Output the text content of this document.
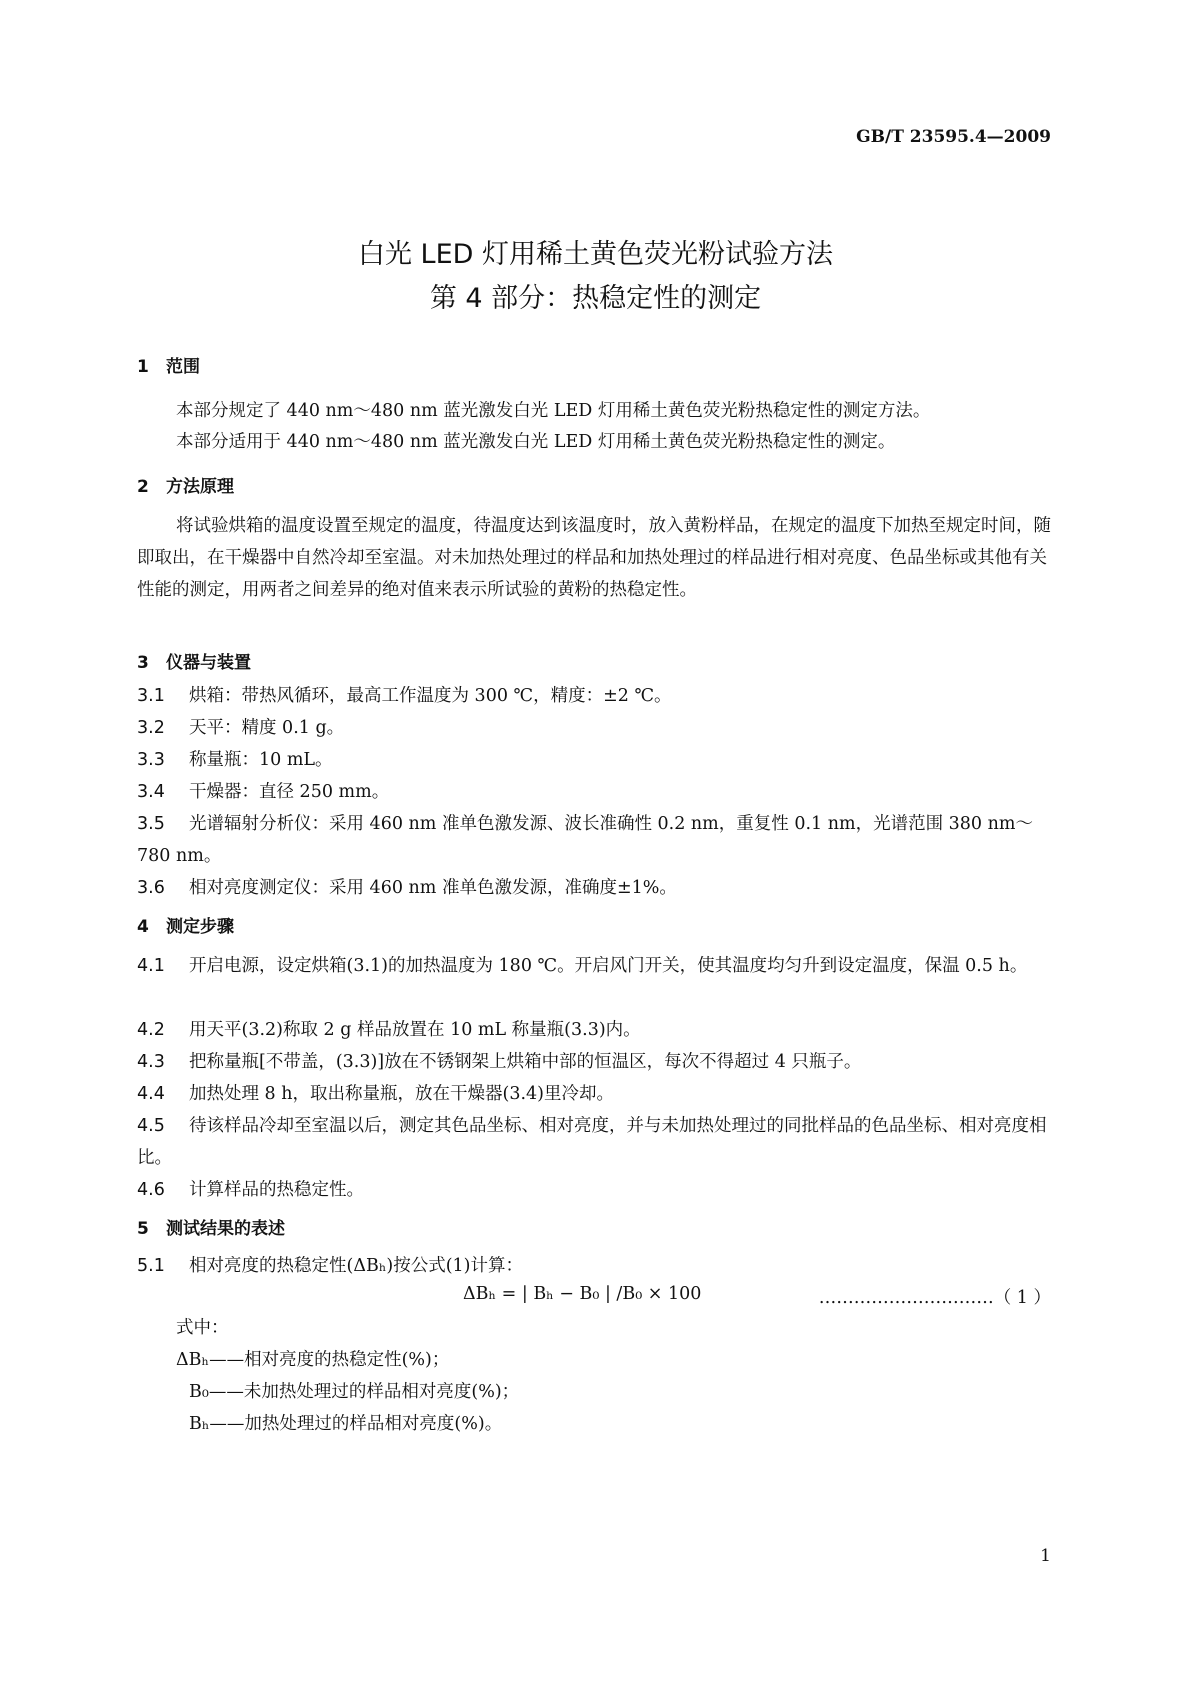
GB/T 23595.4—2009
白光 LED 灯用稀土黄色荧光粉试验方法
第 4 部分：热稳定性的测定
1 范围
本部分规定了 440 nm～480 nm 蓝光激发白光 LED 灯用稀土黄色荧光粉热稳定性的测定方法。
本部分适用于 440 nm～480 nm 蓝光激发白光 LED 灯用稀土黄色荧光粉热稳定性的测定。
2 方法原理
将试验烘箱的温度设置至规定的温度，待温度达到该温度时，放入黄粉样品，在规定的温度下加热至规定时间，随即取出，在干燥器中自然冷却至室温。对未加热处理过的样品和加热处理过的样品进行相对亮度、色品坐标或其他有关性能的测定，用两者之间差异的绝对值来表示所试验的黄粉的热稳定性。
3 仪器与装置
3.1 烘箱：带热风循环，最高工作温度为 300 ℃，精度：±2 ℃。
3.2 天平：精度 0.1 g。
3.3 称量瓶：10 mL。
3.4 干燥器：直径 250 mm。
3.5 光谱辐射分析仪：采用 460 nm 准单色激发源、波长准确性 0.2 nm，重复性 0.1 nm，光谱范围 380 nm～780 nm。
3.6 相对亮度测定仪：采用 460 nm 准单色激发源，准确度±1%。
4 测定步骤
4.1 开启电源，设定烘箱(3.1)的加热温度为 180 ℃。开启风门开关，使其温度均匀升到设定温度，保温 0.5 h。
4.2 用天平(3.2)称取 2 g 样品放置在 10 mL 称量瓶(3.3)内。
4.3 把称量瓶[不带盖，(3.3)]放在不锈钢架上烘箱中部的恒温区，每次不得超过 4 只瓶子。
4.4 加热处理 8 h，取出称量瓶，放在干燥器(3.4)里冷却。
4.5 待该样品冷却至室温以后，测定其色品坐标、相对亮度，并与未加热处理过的同批样品的色品坐标、相对亮度相比。
4.6 计算样品的热稳定性。
5 测试结果的表述
5.1 相对亮度的热稳定性(ΔBₕ)按公式(1)计算：
ΔBₕ = | Bₕ − B₀ | /B₀ × 100	…………………………（ 1 ）
式中：
ΔBₕ——相对亮度的热稳定性(%)；
B₀——未加热处理过的样品相对亮度(%)；
Bₕ——加热处理过的样品相对亮度(%)。
1
